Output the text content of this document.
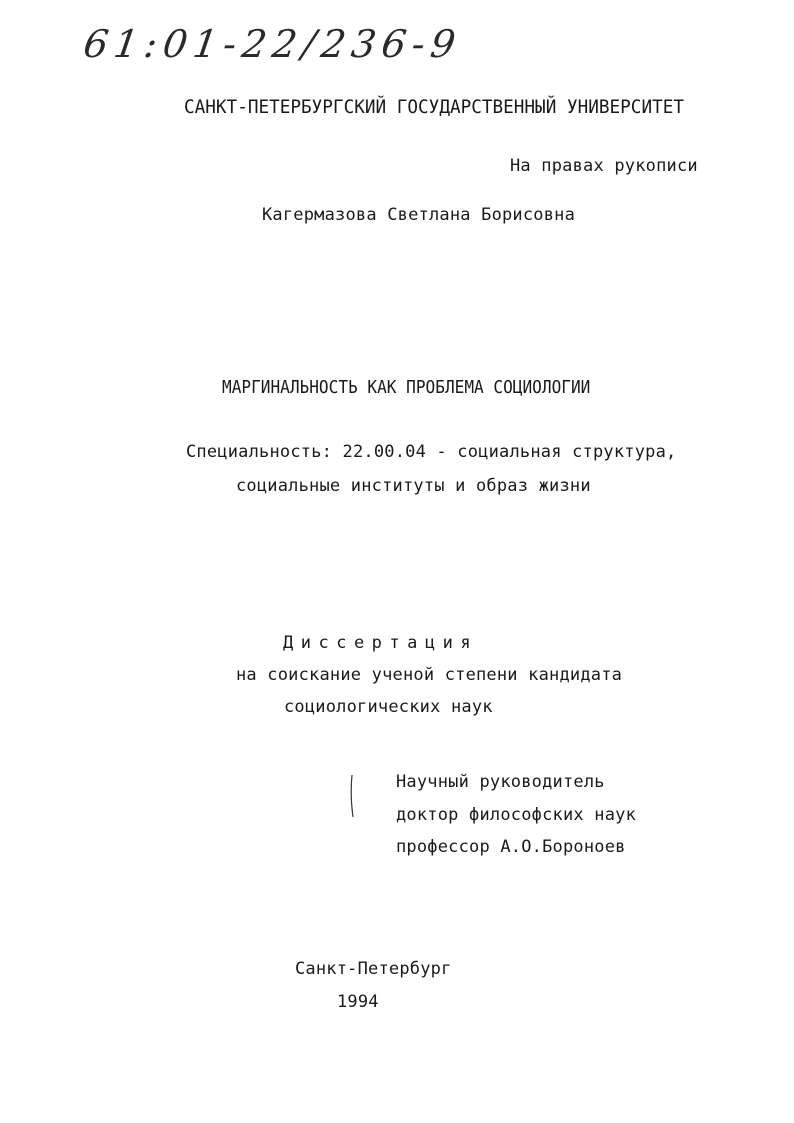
61:01-22/236-9
САНКТ-ПЕТЕРБУРГСКИЙ ГОСУДАРСТВЕННЫЙ УНИВЕРСИТЕТ
На правах рукописи
Кагермазова Светлана Борисовна
МАРГИНАЛЬНОСТЬ КАК ПРОБЛЕМА СОЦИОЛОГИИ
Специальность: 22.00.04 - социальная структура,
социальные институты и образ жизни
Диссертация
на соискание ученой степени кандидата
социологических наук
Научный руководитель
доктор философских наук
профессор А.О.Бороноев
Санкт-Петербург
1994
